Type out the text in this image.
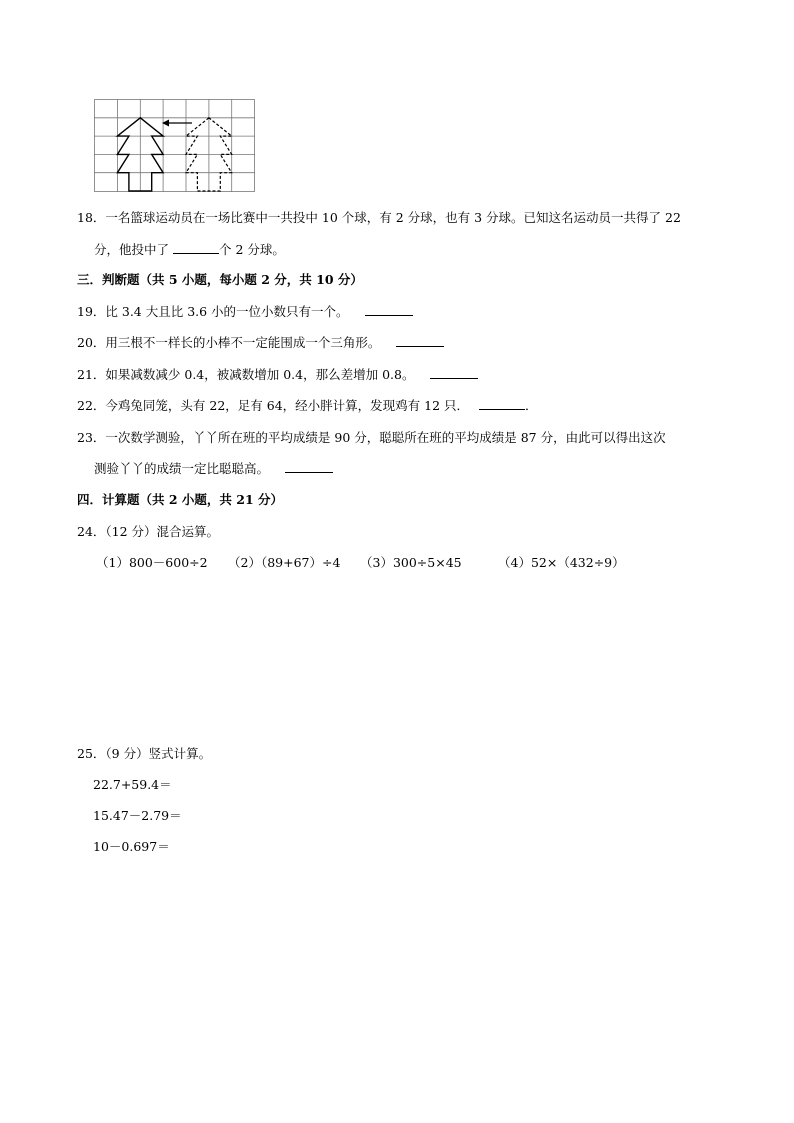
18．一名篮球运动员在一场比赛中一共投中 10 个球，有 2 分球，也有 3 分球。已知这名运动员一共得了 22
分，他投中了	个 2 分球。
三．判断题（共 5 小题，每小题 2 分，共 10 分）
19．比 3.4 大且比 3.6 小的一位小数只有一个。
20．用三根不一样长的小棒不一定能围成一个三角形。
21．如果减数减少 0.4，被减数增加 0.4，那么差增加 0.8。
22．今鸡兔同笼，头有 22，足有 64，经小胖计算，发现鸡有 12 只．	．
23．一次数学测验，丫丫所在班的平均成绩是 90 分，聪聪所在班的平均成绩是 87 分，由此可以得出这次
测验丫丫的成绩一定比聪聪高。
四．计算题（共 2 小题，共 21 分）
24．（12 分）混合运算。
（1）800－600÷2 （2）（89+67）÷4 （3）300÷5×45	（4）52×（432÷9）
25．（9 分）竖式计算。
22.7+59.4＝
15.47－2.79＝
10－0.697＝
